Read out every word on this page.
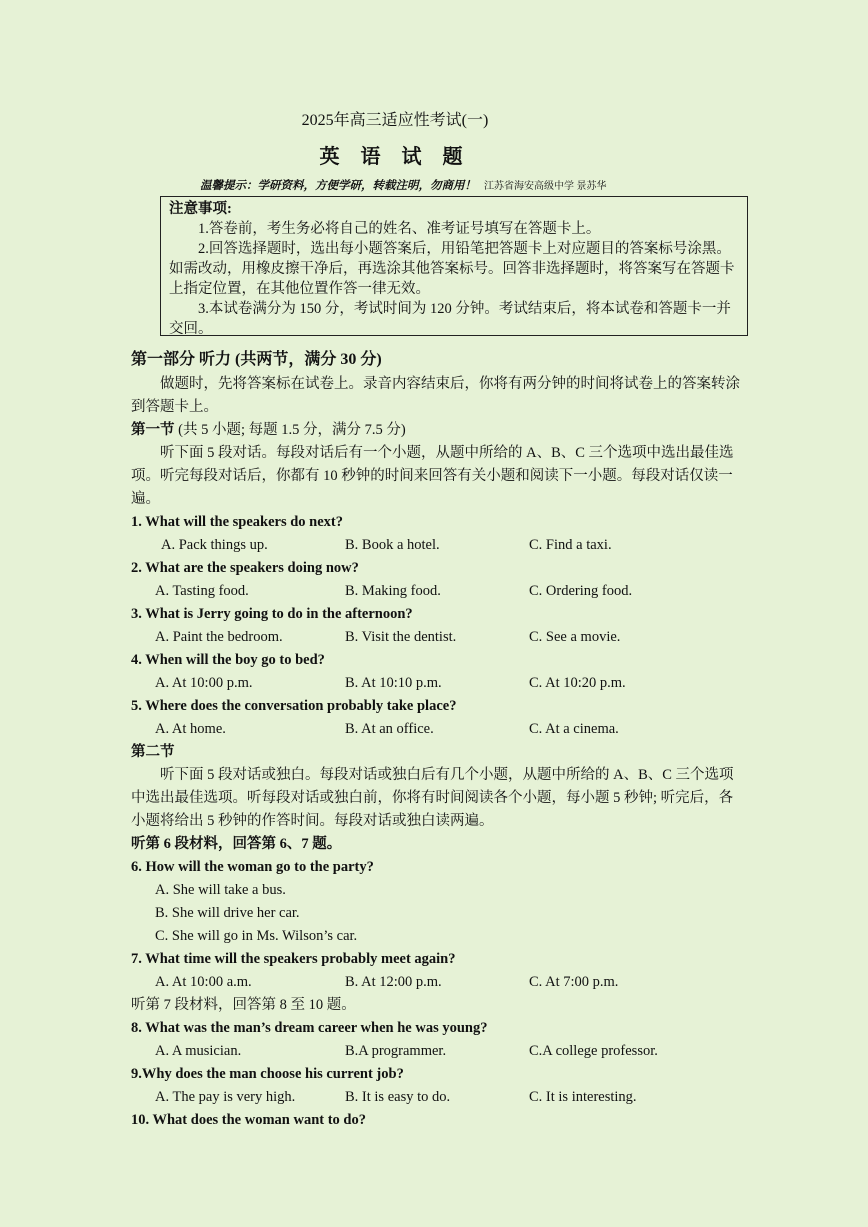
2025年高三适应性考试(一)
英 语 试 题
温馨提示：学研资料，方便学研，转载注明，勿商用！ 江苏省海安高级中学 景苏华
注意事项:

1.答卷前，考生务必将自己的姓名、准考证号填写在答题卡上。

2.回答选择题时，选出每小题答案后，用铅笔把答题卡上对应题目的答案标号涂黑。如需改动，用橡皮擦干净后，再选涂其他答案标号。回答非选择题时，将答案写在答题卡上指定位置，在其他位置作答一律无效。

3.本试卷满分为 150 分，考试时间为 120 分钟。考试结束后，将本试卷和答题卡一并交回。

第一部分 听力 (共两节，满分 30 分)

做题时，先将答案标在试卷上。录音内容结束后，你将有两分钟的时间将试卷上的答案转涂到答题卡上。

第一节 (共 5 小题; 每题 1.5 分，满分 7.5 分)

听下面 5 段对话。每段对话后有一个小题，从题中所给的 A、B、C 三个选项中选出最佳选项。听完每段对话后，你都有 10 秒钟的时间来回答有关小题和阅读下一小题。每段对话仅读一遍。

1. What will the speakers do next?

A. Pack things up.	B. Book a hotel.	C. Find a taxi.

2. What are the speakers doing now?

A. Tasting food.	B. Making food.	C. Ordering food.

3. What is Jerry going to do in the afternoon?

A. Paint the bedroom.	B. Visit the dentist.	C. See a movie.

4. When will the boy go to bed?

A. At 10:00 p.m.	B. At 10:10 p.m.	C. At 10:20 p.m.

5. Where does the conversation probably take place?

A. At home.	B. At an office.	C. At a cinema.

第二节

听下面 5 段对话或独白。每段对话或独白后有几个小题，从题中所给的 A、B、C 三个选项中选出最佳选项。听每段对话或独白前，你将有时间阅读各个小题，每小题 5 秒钟; 听完后，各小题将给出 5 秒钟的作答时间。每段对话或独白读两遍。

听第 6 段材料，回答第 6、7 题。

6. How will the woman go to the party?

A. She will take a bus.

B. She will drive her car.

C. She will go in Ms. Wilson’s car.

7. What time will the speakers probably meet again?

A. At 10:00 a.m.	B. At 12:00 p.m.	C. At 7:00 p.m.

听第 7 段材料，回答第 8 至 10 题。

8. What was the man’s dream career when he was young?

A. A musician.	B.A programmer.	C.A college professor.

9.Why does the man choose his current job?

A. The pay is very high.	B. It is easy to do.	C. It is interesting.

10. What does the woman want to do?
